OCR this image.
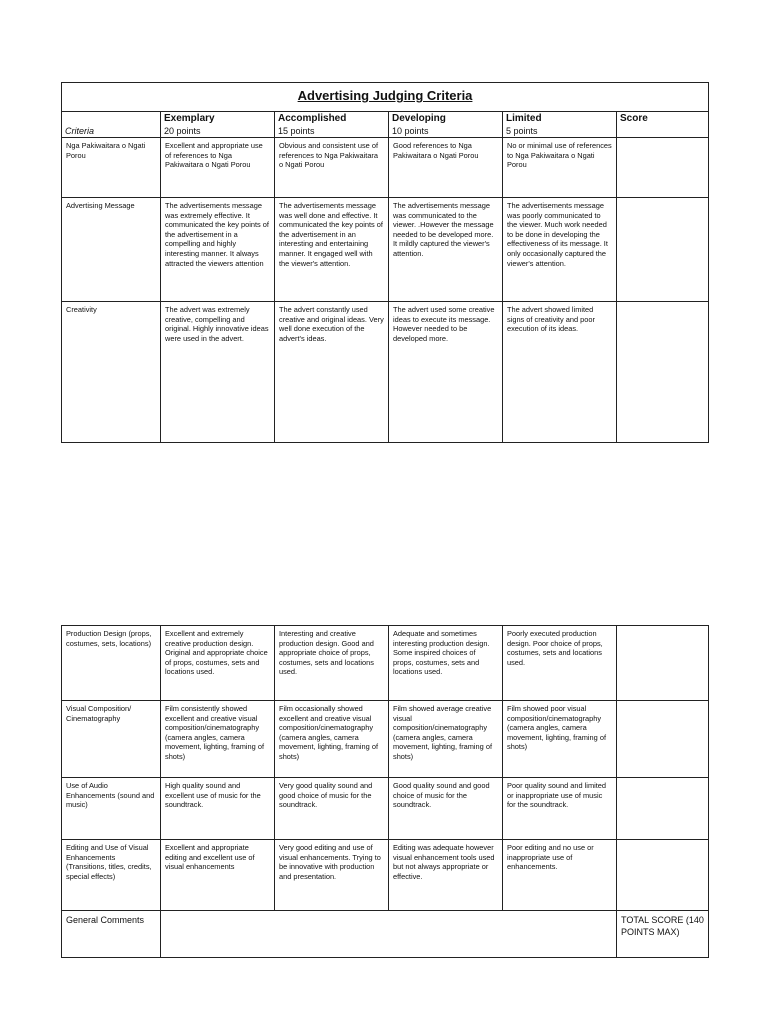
Advertising Judging Criteria					
	Exemplary	Accomplished	Developing	Limited	Score
Criteria	20 points	15 points	10 points	5 points	
Nga Pakiwaitara o Ngati Porou	Excellent and appropriate use of references to Nga Pakiwaitara o Ngati Porou	Obvious and consistent use of references to Nga Pakiwaitara o Ngati Porou	Good references to Nga Pakiwaitara o Ngati Porou	No or minimal use of references to Nga Pakiwaitara o Ngati Porou	
Advertising Message	The advertisements message was extremely effective. It communicated the key points of the advertisement in a compelling and highly interesting manner. It always attracted the viewers attention	The advertisements message was well done and effective. It communicated the key points of the advertisement in an interesting and entertaining manner. It engaged well with the viewer's attention.	The advertisements message was communicated to the viewer. .However the message needed to be developed more. It mildly captured the viewer's attention.	The advertisements message was poorly communicated to the viewer. Much work needed to be done in developing the effectiveness of its message. It only occasionally captured the viewer's attention.	
Creativity	The advert was extremely creative, compelling and original. Highly innovative ideas were used in the advert.	The advert constantly used creative and original ideas. Very well done execution of the advert's ideas.	The advert used some creative ideas to execute its message. However needed to be developed more.	The advert showed limited signs of creativity and poor execution of its ideas.	
Production Design (props, costumes, sets, locations)	Excellent and extremely creative production design. Original and appropriate choice of props, costumes, sets and locations used.	Interesting and creative production design. Good and appropriate choice of props, costumes, sets and locations used.	Adequate and sometimes interesting production design. Some inspired choices of props, costumes, sets and locations used.	Poorly executed production design. Poor choice of props, costumes, sets and locations used.	
Visual Composition/ Cinematography	Film consistently showed excellent and creative visual composition/cinematography (camera angles, camera movement, lighting, framing of shots)	Film occasionally showed excellent and creative visual composition/cinematography (camera angles, camera movement, lighting, framing of shots)	Film showed average creative visual composition/cinematography (camera angles, camera movement, lighting, framing of shots)	Film showed poor visual composition/cinematography (camera angles, camera movement, lighting, framing of shots)	
Use of Audio Enhancements (sound and music)	High quality sound and excellent use of music for the soundtrack.	Very good quality sound and good choice of music for the soundtrack.	Good quality sound and good choice of music for the soundtrack.	Poor quality sound and limited or inappropriate use of music for the soundtrack.	
Editing and Use of Visual Enhancements (Transitions, titles, credits, special effects)	Excellent and appropriate editing and excellent use of visual enhancements	Very good editing and use of visual enhancements. Trying to be innovative with production and presentation.	Editing was adequate however visual enhancement tools used but not always appropriate or effective.	Poor editing and no use or inappropriate use of enhancements.	
General Comments					TOTAL SCORE (140 POINTS MAX)
